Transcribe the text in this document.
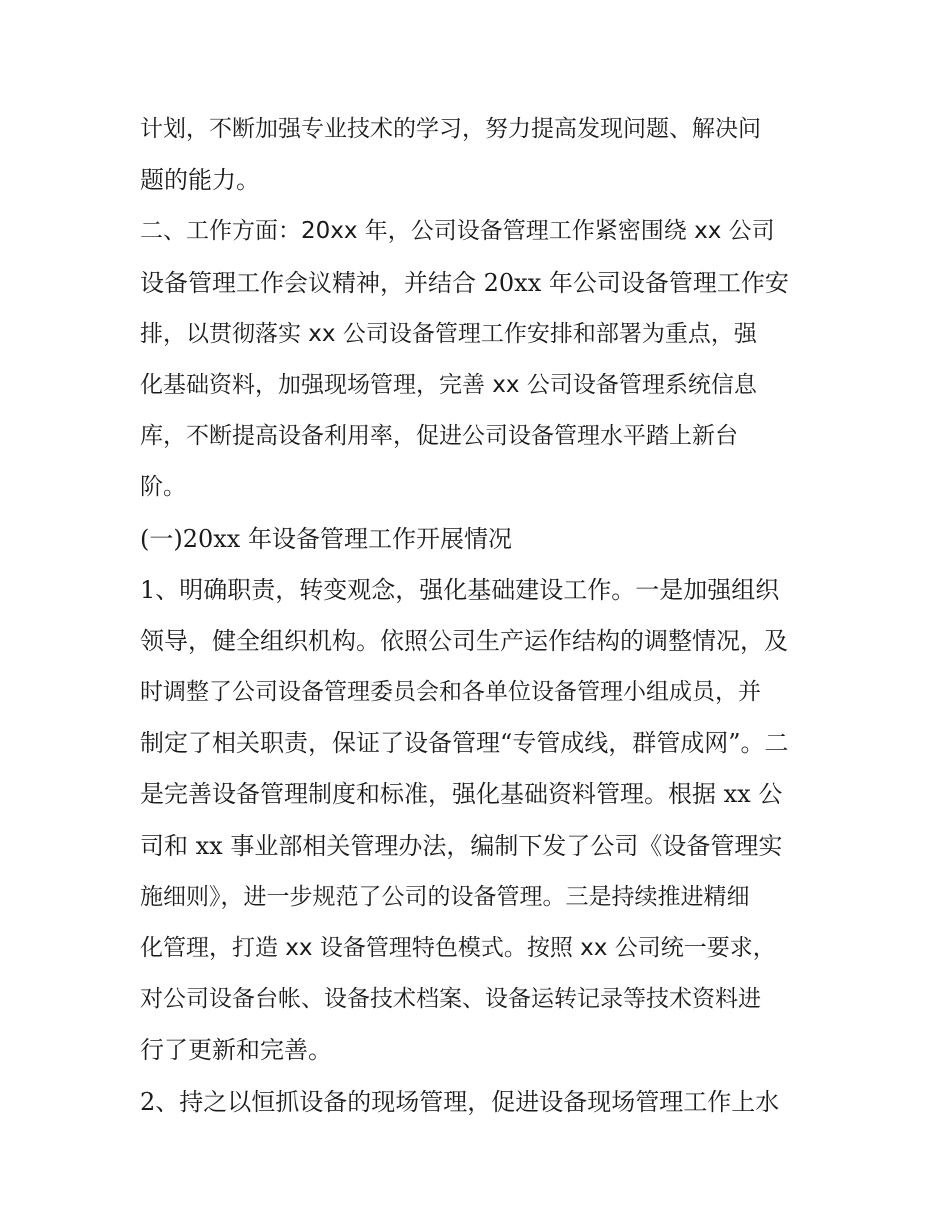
计划，不断加强专业技术的学习，努力提高发现问题、解决问
题的能力。
二、工作方面：20xx 年，公司设备管理工作紧密围绕 xx 公司
设备管理工作会议精神，并结合 20xx 年公司设备管理工作安
排，以贯彻落实 xx 公司设备管理工作安排和部署为重点，强
化基础资料，加强现场管理，完善 xx 公司设备管理系统信息
库，不断提高设备利用率，促进公司设备管理水平踏上新台
阶。
(一)20xx 年设备管理工作开展情况
1、明确职责，转变观念，强化基础建设工作。一是加强组织
领导，健全组织机构。依照公司生产运作结构的调整情况，及
时调整了公司设备管理委员会和各单位设备管理小组成员，并
制定了相关职责，保证了设备管理“专管成线，群管成网”。二
是完善设备管理制度和标准，强化基础资料管理。根据 xx 公
司和 xx 事业部相关管理办法，编制下发了公司《设备管理实
施细则》，进一步规范了公司的设备管理。三是持续推进精细
化管理，打造 xx 设备管理特色模式。按照 xx 公司统一要求，
对公司设备台帐、设备技术档案、设备运转记录等技术资料进
行了更新和完善。
2、持之以恒抓设备的现场管理，促进设备现场管理工作上水
